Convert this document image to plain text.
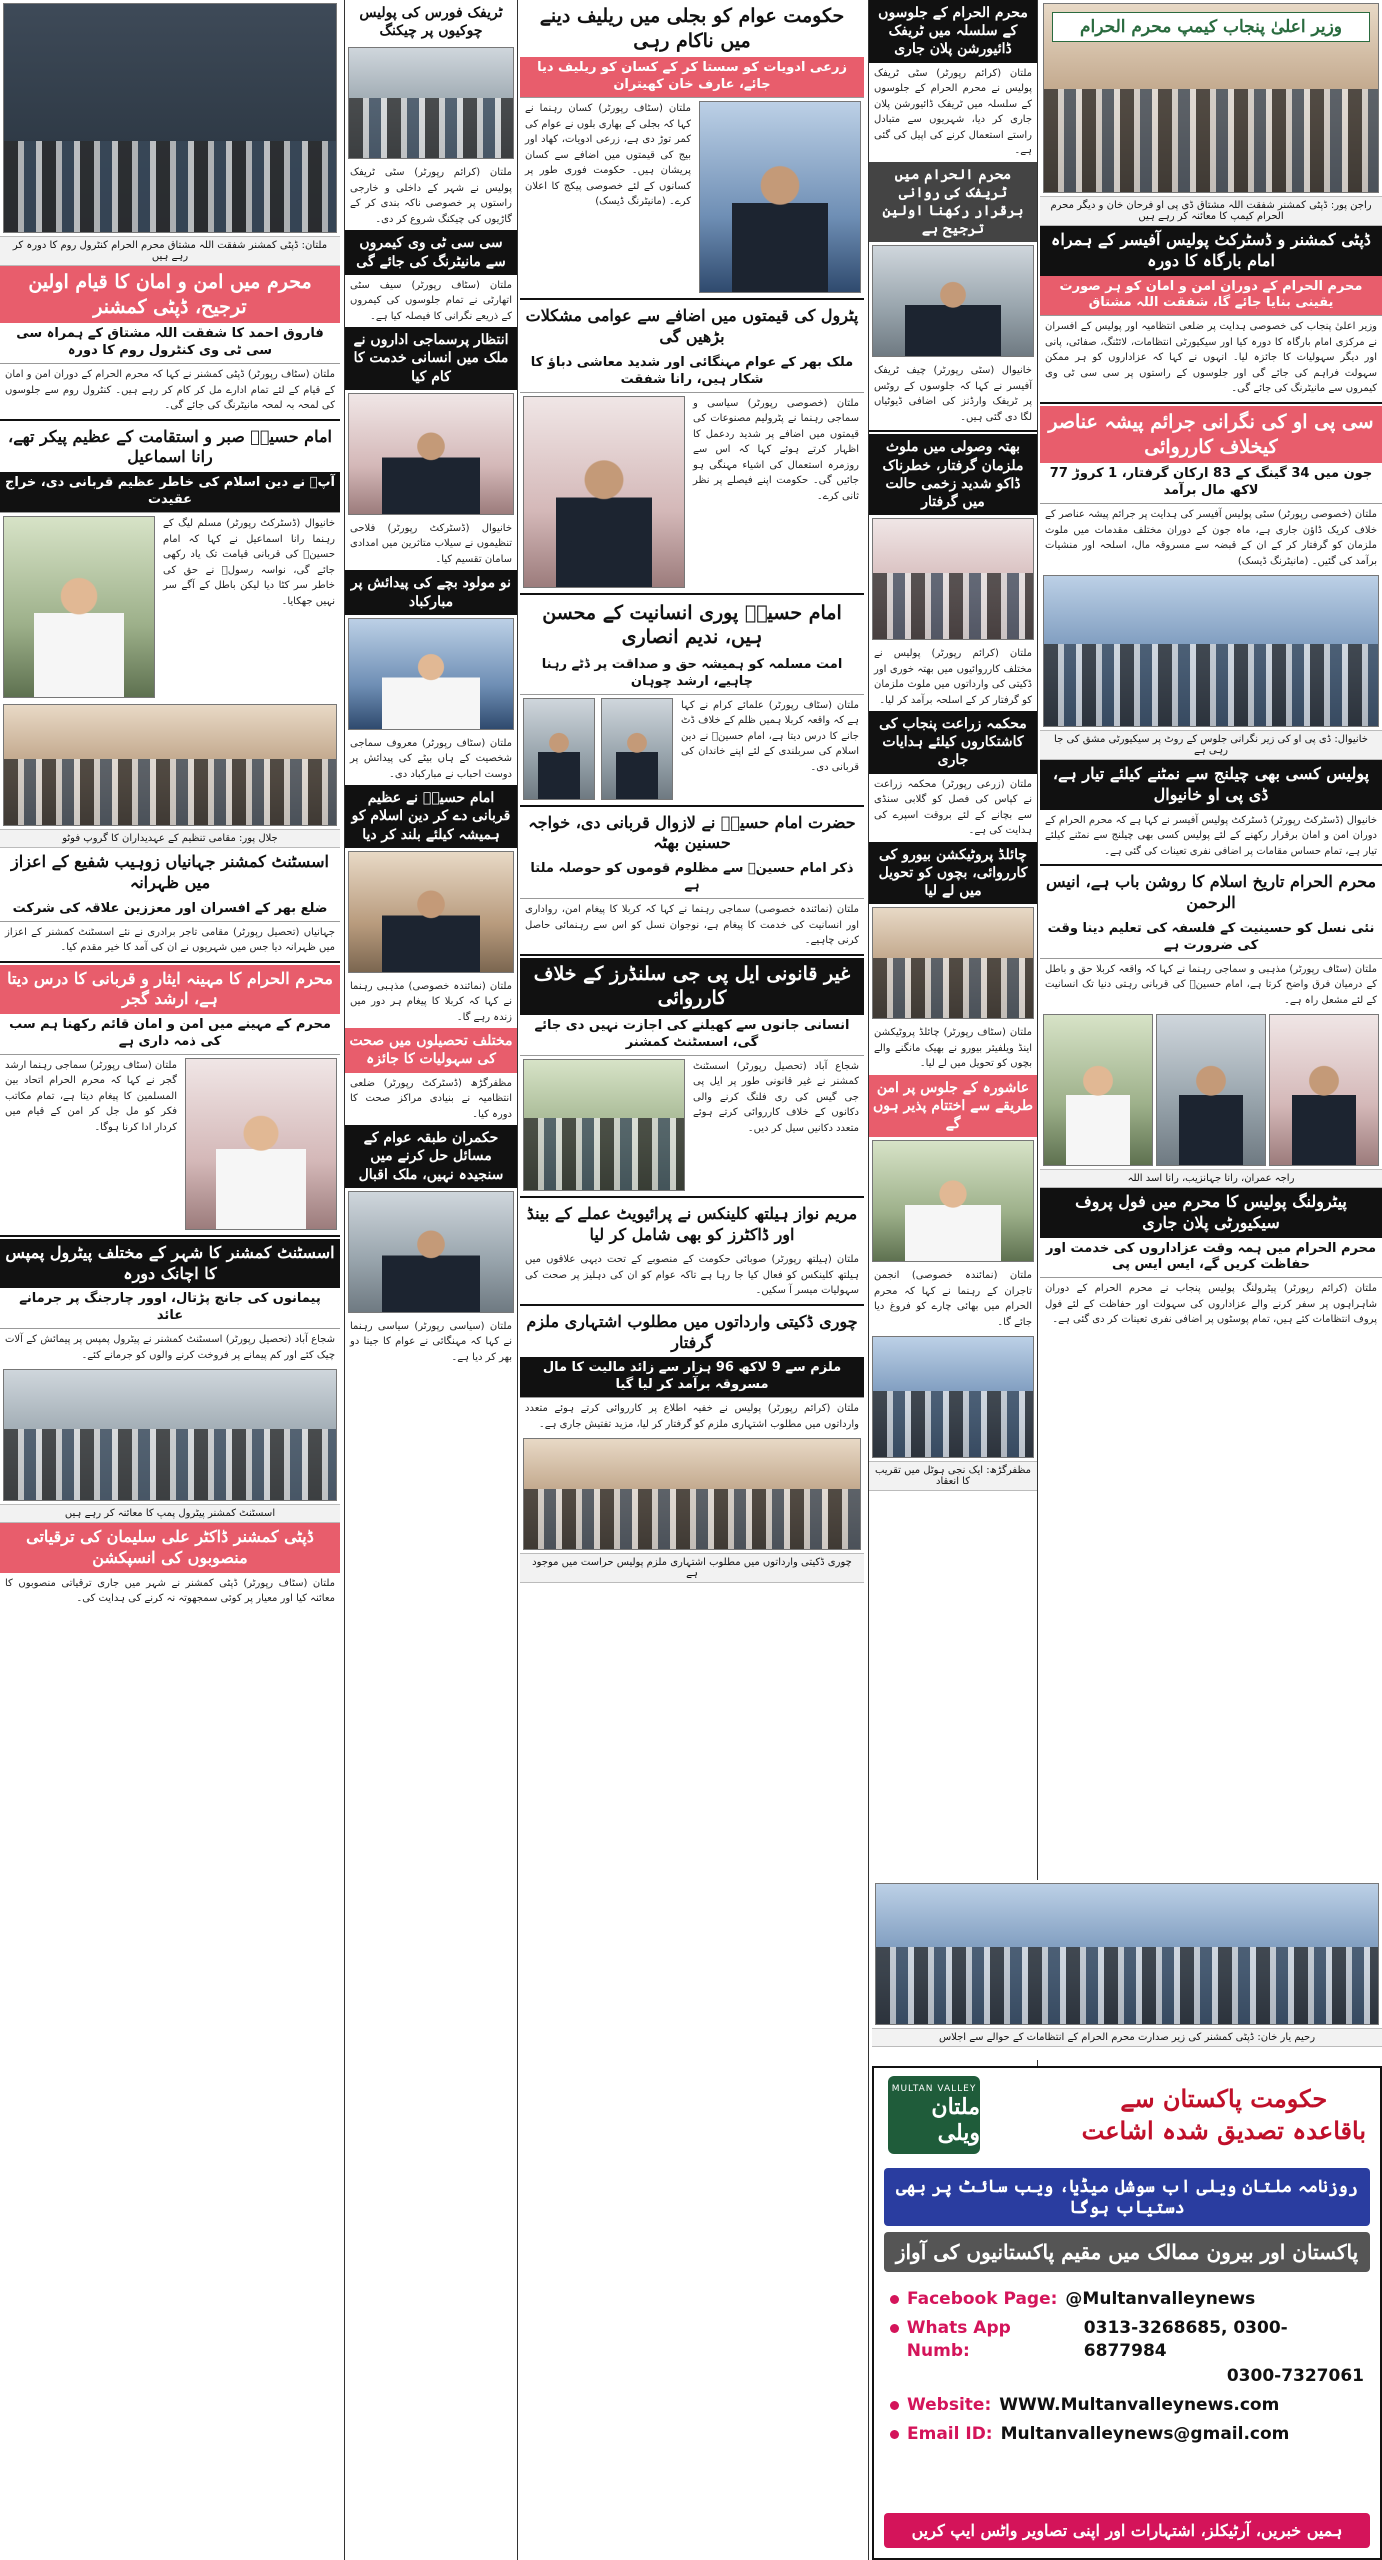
وزیر اعلیٰ پنجاب کیمپ محرم الحرام
راجن پور: ڈپٹی کمشنر شفقت اللہ مشتاق ڈی پی او فرحان خان و دیگر محرم الحرام کیمپ کا معائنہ کر رہے ہیں
ڈپٹی کمشنر و ڈسٹرکٹ پولیس آفیسر کے ہمراہ امام بارگاہ کا دورہ
محرم الحرام کے دوران امن و امان کو ہر صورت یقینی بنایا جائے گا، شفقت اللہ مشتاق
وزیر اعلیٰ پنجاب کی خصوصی ہدایت پر ضلعی انتظامیہ اور پولیس کے افسران نے مرکزی امام بارگاہ کا دورہ کیا اور سیکیورٹی انتظامات، لائٹنگ، صفائی، پانی اور دیگر سہولیات کا جائزہ لیا۔ انہوں نے کہا کہ عزاداروں کو ہر ممکن سہولت فراہم کی جائے گی اور جلوسوں کے راستوں پر سی سی ٹی وی کیمروں سے مانیٹرنگ کی جائے گی۔
سی پی او کی نگرانی جرائم پیشہ عناصر کیخلاف کارروائی
جون میں 34 گینگ کے 83 ارکان گرفتار، 1 کروڑ 77 لاکھ مال برآمد
ملتان (خصوصی رپورٹر) سٹی پولیس آفیسر کی ہدایت پر جرائم پیشہ عناصر کے خلاف کریک ڈاؤن جاری ہے، ماہ جون کے دوران مختلف مقدمات میں ملوث ملزمان کو گرفتار کر کے ان کے قبضہ سے مسروقہ مال، اسلحہ اور منشیات برآمد کی گئیں۔ (مانیٹرنگ ڈیسک)
خانیوال: ڈی پی او کی زیر نگرانی جلوس کے روٹ پر سیکیورٹی مشق کی جا رہی ہے
پولیس کسی بھی چیلنج سے نمٹنے کیلئے تیار ہے، ڈی پی او خانیوال
خانیوال (ڈسٹرکٹ رپورٹر) ڈسٹرکٹ پولیس آفیسر نے کہا ہے کہ محرم الحرام کے دوران امن و امان برقرار رکھنے کے لئے پولیس کسی بھی چیلنج سے نمٹنے کیلئے تیار ہے، تمام حساس مقامات پر اضافی نفری تعینات کی گئی ہے۔
محرم الحرام تاریخ اسلام کا روشن باب ہے، انیس الرحمن
نئی نسل کو حسینیت کے فلسفہ کی تعلیم دینا وقت کی ضرورت ہے
ملتان (سٹاف رپورٹر) مذہبی و سماجی رہنما نے کہا کہ واقعہ کربلا حق و باطل کے درمیان فرق واضح کرتا ہے، امام حسینؑ کی قربانی رہتی دنیا تک انسانیت کے لئے مشعل راہ ہے۔
راجہ عمران، رانا جہانزیب، رانا اسد اللہ
پیٹرولنگ پولیس کا محرم میں فول پروف سیکیورٹی پلان جاری
محرم الحرام میں ہمہ وقت عزاداروں کی خدمت اور حفاظت کریں گے، ایس ایس پی
ملتان (کرائم رپورٹر) پیٹرولنگ پولیس پنجاب نے محرم الحرام کے دوران شاہراہوں پر سفر کرنے والے عزاداروں کی سہولت اور حفاظت کے لئے فول پروف انتظامات کئے ہیں، تمام پوسٹوں پر اضافی نفری تعینات کر دی گئی ہے۔
محرم الحرام کے جلوسوں کے سلسلہ میں ٹریفک ڈائیورشن پلان جاری
ملتان (کرائم رپورٹر) سٹی ٹریفک پولیس نے محرم الحرام کے جلوسوں کے سلسلہ میں ٹریفک ڈائیورشن پلان جاری کر دیا، شہریوں سے متبادل راستے استعمال کرنے کی اپیل کی گئی ہے۔
محرم الحرام میں ٹریفک کی روانی برقرار رکھنا اولین ترجیح ہے
خانیوال (سٹی رپورٹر) چیف ٹریفک آفیسر نے کہا کہ جلوسوں کے روٹس پر ٹریفک وارڈنز کی اضافی ڈیوٹیاں لگا دی گئی ہیں۔
بھتہ وصولی میں ملوث ملزمان گرفتار، خطرناک ڈاکو شدید زخمی حالت میں گرفتار
ملتان (کرائم رپورٹر) پولیس نے مختلف کارروائیوں میں بھتہ خوری اور ڈکیتی کی وارداتوں میں ملوث ملزمان کو گرفتار کر کے اسلحہ برآمد کر لیا۔
محکمہ زراعت پنجاب کی کاشتکاروں کیلئے ہدایات جاری
ملتان (زرعی رپورٹر) محکمہ زراعت نے کپاس کی فصل کو گلابی سنڈی سے بچانے کے لئے بروقت اسپرے کی ہدایت کی ہے۔
چائلڈ پروٹیکشن بیورو کی کارروائی، بچوں کو تحویل میں لے لیا
ملتان (سٹاف رپورٹر) چائلڈ پروٹیکشن اینڈ ویلفیئر بیورو نے بھیک مانگنے والے بچوں کو تحویل میں لے لیا۔
عاشورہ کے جلوس پر امن طریقے سے اختتام پذیر ہوں گے
ملتان (نمائندہ خصوصی) انجمن تاجران کے رہنما نے کہا کہ محرم الحرام میں بھائی چارے کو فروغ دیا جائے گا۔
مظفرگڑھ: ایک نجی ہوٹل میں تقریب کا انعقاد
حکومت عوام کو بجلی میں ریلیف دینے میں ناکام رہی
زرعی ادویات کو سستا کر کے کسان کو ریلیف دیا جائے، عارف خان کھیتران
ملتان (سٹاف رپورٹر) کسان رہنما نے کہا کہ بجلی کے بھاری بلوں نے عوام کی کمر توڑ دی ہے، زرعی ادویات، کھاد اور بیج کی قیمتوں میں اضافے سے کسان پریشان ہیں۔ حکومت فوری طور پر کسانوں کے لئے خصوصی پیکج کا اعلان کرے۔ (مانیٹرنگ ڈیسک)
پٹرول کی قیمتوں میں اضافے سے عوامی مشکلات بڑھیں گی
ملک بھر کے عوام مہنگائی اور شدید معاشی دباؤ کا شکار ہیں، رانا شفقت
ملتان (خصوصی رپورٹر) سیاسی و سماجی رہنما نے پٹرولیم مصنوعات کی قیمتوں میں اضافے پر شدید ردعمل کا اظہار کرتے ہوئے کہا کہ اس سے روزمرہ استعمال کی اشیاء مہنگی ہو جائیں گی۔ حکومت اپنے فیصلے پر نظر ثانی کرے۔
امام حسینؑ پوری انسانیت کے محسن ہیں، ندیم انصاری
امت مسلمہ کو ہمیشہ حق و صداقت پر ڈٹے رہنا چاہیے، ارشد چوہان
ملتان (سٹاف رپورٹر) علمائے کرام نے کہا ہے کہ واقعہ کربلا ہمیں ظلم کے خلاف ڈٹ جانے کا درس دیتا ہے، امام حسینؑ نے دین اسلام کی سربلندی کے لئے اپنے خاندان کی قربانی دی۔
حضرت امام حسینؑ نے لازوال قربانی دی، خواجہ حسنین بھٹہ
ذکر امام حسینؑ سے مظلوم قوموں کو حوصلہ ملتا ہے
ملتان (نمائندہ خصوصی) سماجی رہنما نے کہا کہ کربلا کا پیغام امن، رواداری اور انسانیت کی خدمت کا پیغام ہے، نوجوان نسل کو اس سے رہنمائی حاصل کرنی چاہیے۔
غیر قانونی ایل پی جی سلنڈرز کے خلاف کارروائی
انسانی جانوں سے کھیلنے کی اجازت نہیں دی جائے گی، اسسٹنٹ کمشنر
شجاع آباد (تحصیل رپورٹر) اسسٹنٹ کمشنر نے غیر قانونی طور پر ایل پی جی گیس کی ری فلنگ کرنے والی دکانوں کے خلاف کارروائی کرتے ہوئے متعدد دکانیں سیل کر دیں۔
مریم نواز ہیلتھ کلینکس نے پرائیویٹ عملے کے بینڈ اور ڈاکٹرز کو بھی شامل کر لیا
ملتان (ہیلتھ رپورٹر) صوبائی حکومت کے منصوبے کے تحت دیہی علاقوں میں ہیلتھ کلینکس کو فعال کیا جا رہا ہے تاکہ عوام کو ان کی دہلیز پر صحت کی سہولیات میسر آ سکیں۔
چوری ڈکیتی وارداتوں میں مطلوب اشتہاری ملزم گرفتار
ملزم سے 9 لاکھ 96 ہزار سے زائد مالیت کا مال مسروقہ برآمد کر لیا گیا
ملتان (کرائم رپورٹر) پولیس نے خفیہ اطلاع پر کارروائی کرتے ہوئے متعدد وارداتوں میں مطلوب اشتہاری ملزم کو گرفتار کر لیا، مزید تفتیش جاری ہے۔
چوری ڈکیتی وارداتوں میں مطلوب اشتہاری ملزم پولیس حراست میں موجود ہے
ٹریفک فورس کی پولیس چوکیوں پر چیکنگ
ملتان (کرائم رپورٹر) سٹی ٹریفک پولیس نے شہر کے داخلی و خارجی راستوں پر خصوصی ناکہ بندی کر کے گاڑیوں کی چیکنگ شروع کر دی۔
سی سی ٹی وی کیمروں سے مانیٹرنگ کی جائے گی
ملتان (سٹاف رپورٹر) سیف سٹی اتھارٹی نے تمام جلوسوں کی کیمروں کے ذریعے نگرانی کا فیصلہ کیا ہے۔
انتظار پرسماجی اداروں نے ملک میں انسانی خدمت کا کام کیا
خانیوال (ڈسٹرکٹ رپورٹر) فلاحی تنظیموں نے سیلاب متاثرین میں امدادی سامان تقسیم کیا۔
نو مولود بچے کی پیدائش پر مبارکباد
ملتان (سٹاف رپورٹر) معروف سماجی شخصیت کے ہاں بیٹے کی پیدائش پر دوست احباب نے مبارکباد دی۔
امام حسینؑ نے عظیم قربانی دے کر دین اسلام کو ہمیشہ کیلئے بلند کر دیا
ملتان (نمائندہ خصوصی) مذہبی رہنما نے کہا کہ کربلا کا پیغام ہر دور میں زندہ رہے گا۔
مختلف تحصیلوں میں صحت کی سہولیات کا جائزہ
مظفرگڑھ (ڈسٹرکٹ رپورٹر) ضلعی انتظامیہ نے بنیادی مراکز صحت کا دورہ کیا۔
حکمران طبقہ عوام کے مسائل حل کرنے میں سنجیدہ نہیں، ملک اقبال
ملتان (سیاسی رپورٹر) سیاسی رہنما نے کہا کہ مہنگائی نے عوام کا جینا دو بھر کر دیا ہے۔
ملتان: ڈپٹی کمشنر شفقت اللہ مشتاق محرم الحرام کنٹرول روم کا دورہ کر رہے ہیں
محرم میں امن و امان کا قیام اولین ترجیح، ڈپٹی کمشنر
فاروق احمد کا شفقت اللہ مشتاق کے ہمراہ سی سی ٹی وی کنٹرول روم کا دورہ
ملتان (سٹاف رپورٹر) ڈپٹی کمشنر نے کہا کہ محرم الحرام کے دوران امن و امان کے قیام کے لئے تمام ادارے مل کر کام کر رہے ہیں۔ کنٹرول روم سے جلوسوں کی لمحہ بہ لمحہ مانیٹرنگ کی جائے گی۔
امام حسینؑ صبر و استقامت کے عظیم پیکر تھے، رانا اسماعیل
آپؑ نے دین اسلام کی خاطر عظیم قربانی دی، خراج عقیدت
خانیوال (ڈسٹرکٹ رپورٹر) مسلم لیگ کے رہنما رانا اسماعیل نے کہا کہ امام حسینؑ کی قربانی قیامت تک یاد رکھی جائے گی، نواسہ رسولؐ نے حق کی خاطر سر کٹا دیا لیکن باطل کے آگے سر نہیں جھکایا۔
جلال پور: مقامی تنظیم کے عہدیداران کا گروپ فوٹو
اسسٹنٹ کمشنر جہانیاں زوہیب شفیع کے اعزاز میں ظہرانہ
ضلع بھر کے افسران اور معززین علاقہ کی شرکت
جہانیاں (تحصیل رپورٹر) مقامی تاجر برادری نے نئے اسسٹنٹ کمشنر کے اعزاز میں ظہرانہ دیا جس میں شہریوں نے ان کی آمد کا خیر مقدم کیا۔
محرم الحرام کا مہینہ ایثار و قربانی کا درس دیتا ہے، ارشد گجر
محرم کے مہینے میں امن و امان قائم رکھنا ہم سب کی ذمہ داری ہے
ملتان (سٹاف رپورٹر) سماجی رہنما ارشد گجر نے کہا کہ محرم الحرام اتحاد بین المسلمین کا پیغام دیتا ہے، تمام مکاتب فکر کو مل جل کر امن کے قیام میں کردار ادا کرنا ہوگا۔
اسسٹنٹ کمشنر کا شہر کے مختلف پیٹرول پمپس کا اچانک دورہ
پیمانوں کی جانچ پڑتال، اوور چارجنگ پر جرمانے عائد
شجاع آباد (تحصیل رپورٹر) اسسٹنٹ کمشنر نے پیٹرول پمپس پر پیمائش کے آلات چیک کئے اور کم پیمانے پر فروخت کرنے والوں کو جرمانے کئے۔
اسسٹنٹ کمشنر پیٹرول پمپ کا معائنہ کر رہے ہیں
ڈپٹی کمشنر ڈاکٹر علی سلیمان کی ترقیاتی منصوبوں کی انسپکشن
ملتان (سٹاف رپورٹر) ڈپٹی کمشنر نے شہر میں جاری ترقیاتی منصوبوں کا معائنہ کیا اور معیار پر کوئی سمجھوتہ نہ کرنے کی ہدایت کی۔
حکومت پاکستان سے
باقاعدہ تصدیق شدہ اشاعت
MULTAN VALLEY
ملتان ویلی
روزنامہ ملتان ویلی اب سوشل میڈیا، ویب سائٹ پر بھی دستیاب ہوگا
پاکستان اور بیرون ممالک میں مقیم پاکستانیوں کی آواز
Facebook Page: @Multanvalleynews
Whats App Numb:
0313-3268685, 0300-6877984
0300-7327061
Website: WWW.Multanvalleynews.com
Email ID: Multanvalleynews@gmail.com
ہمیں خبریں، آرٹیکلز، اشتہارات اور اپنی تصاویر واٹس ایپ کریں
رحیم یار خان: ڈپٹی کمشنر کی زیر صدارت محرم الحرام کے انتظامات کے حوالے سے اجلاس
